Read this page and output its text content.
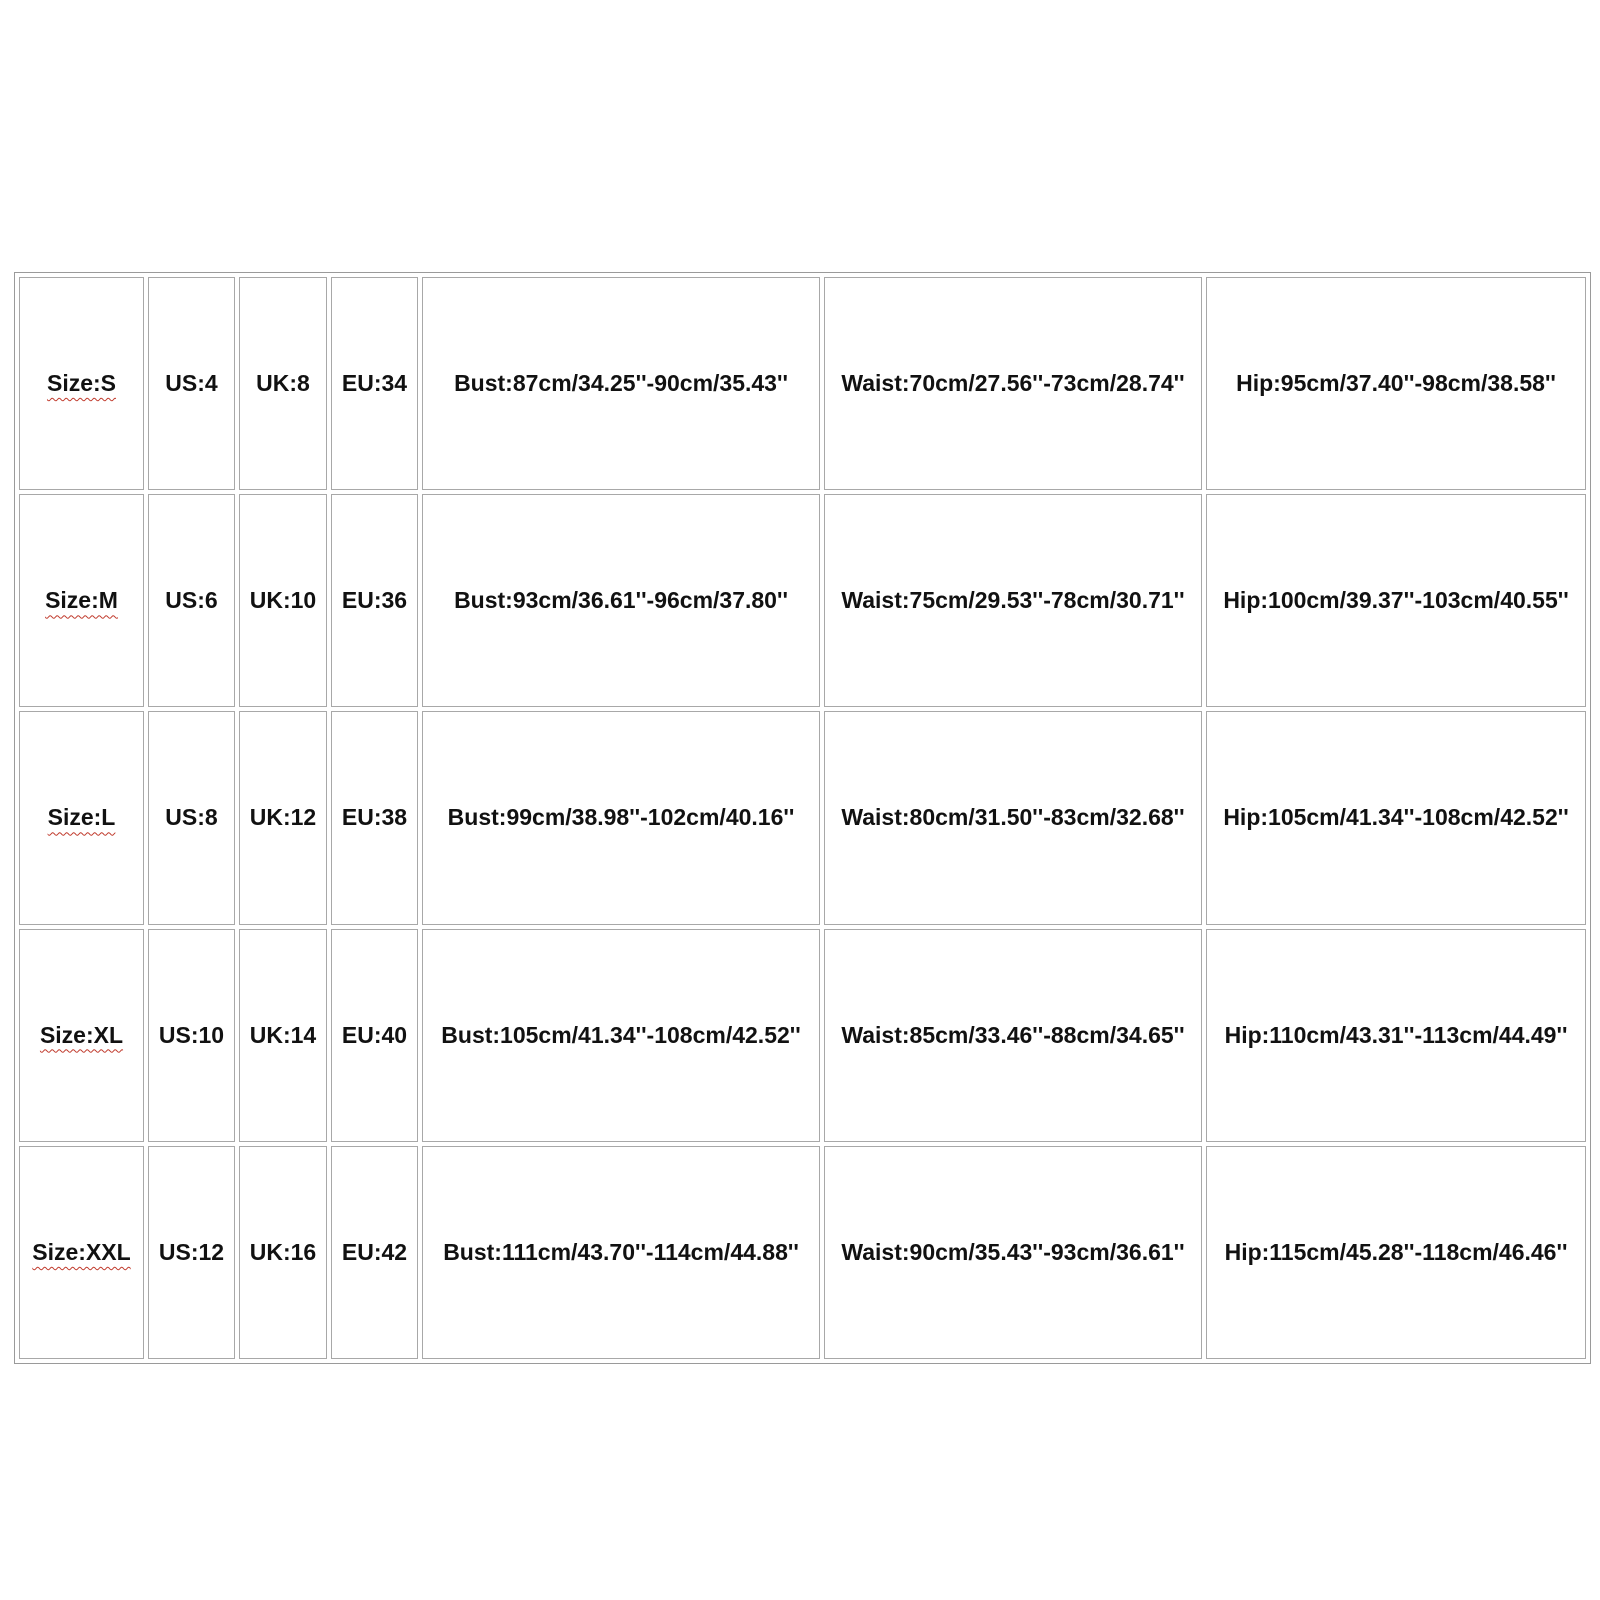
Size:S	US:4	UK:8	EU:34	Bust:87cm/34.25''-90cm/35.43''	Waist:70cm/27.56''-73cm/28.74''	Hip:95cm/37.40''-98cm/38.58''
Size:M	US:6	UK:10	EU:36	Bust:93cm/36.61''-96cm/37.80''	Waist:75cm/29.53''-78cm/30.71''	Hip:100cm/39.37''-103cm/40.55''
Size:L	US:8	UK:12	EU:38	Bust:99cm/38.98''-102cm/40.16''	Waist:80cm/31.50''-83cm/32.68''	Hip:105cm/41.34''-108cm/42.52''
Size:XL	US:10	UK:14	EU:40	Bust:105cm/41.34''-108cm/42.52''	Waist:85cm/33.46''-88cm/34.65''	Hip:110cm/43.31''-113cm/44.49''
Size:XXL	US:12	UK:16	EU:42	Bust:111cm/43.70''-114cm/44.88''	Waist:90cm/35.43''-93cm/36.61''	Hip:115cm/45.28''-118cm/46.46''
